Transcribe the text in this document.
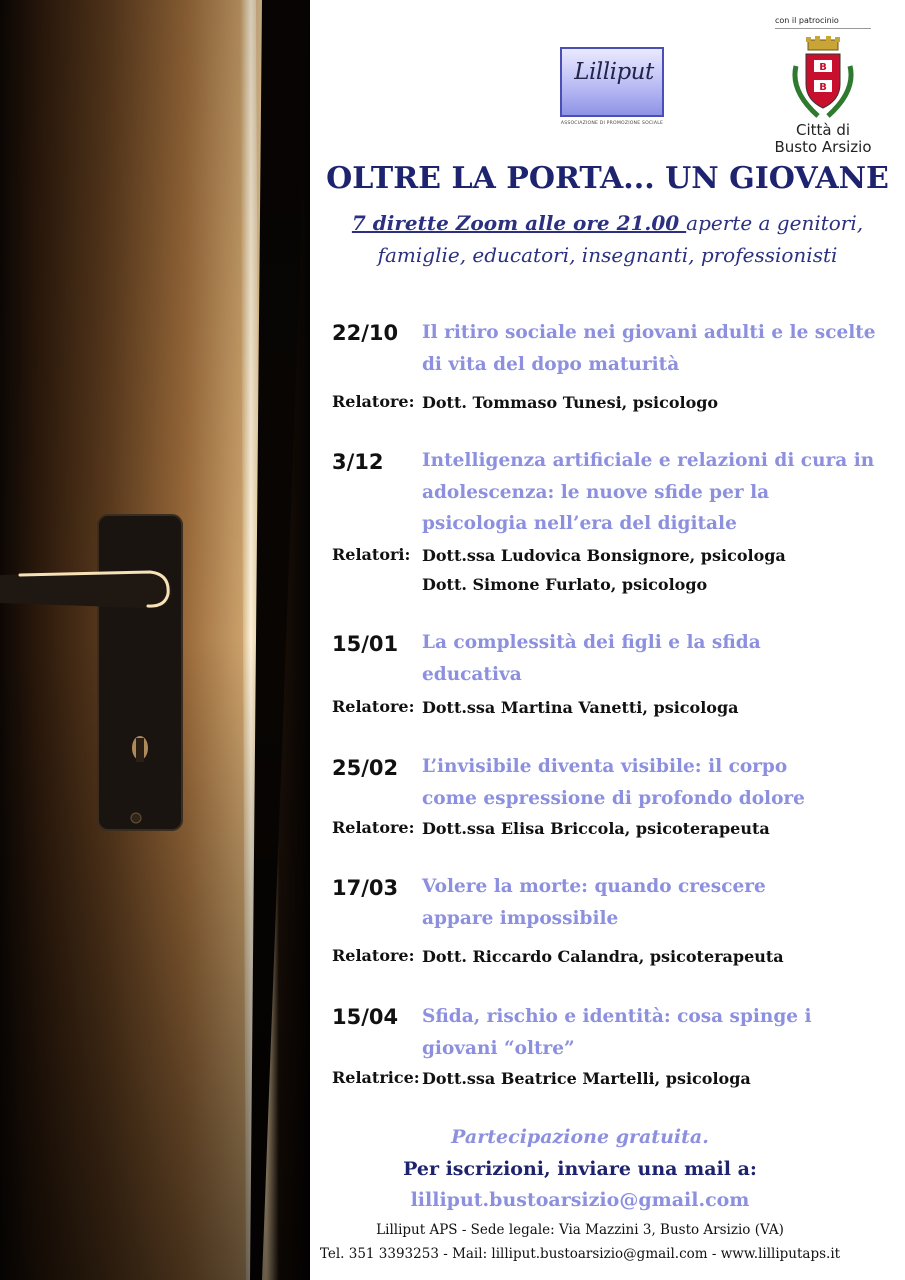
Lilliput
ASSOCIAZIONE DI PROMOZIONE SOCIALE
con il patrocinio
B
B
Città di
Busto Arsizio
OLTRE LA PORTA... UN GIOVANE
7 dirette Zoom alle ore 21.00 aperte a genitori,
famiglie, educatori, insegnanti, professionisti
22/10 Il ritiro sociale nei giovani adulti e le scelte
di vita del dopo maturità
Relatore: Dott. Tommaso Tunesi, psicologo
3/12 Intelligenza artificiale e relazioni di cura in
adolescenza: le nuove sfide per la
psicologia nell’era del digitale
Relatori: Dott.ssa Ludovica Bonsignore, psicologa
Dott. Simone Furlato, psicologo
15/01 La complessità dei figli e la sfida
educativa
Relatore: Dott.ssa Martina Vanetti, psicologa
25/02 L’invisibile diventa visibile: il corpo
come espressione di profondo dolore
Relatore: Dott.ssa Elisa Briccola, psicoterapeuta
17/03 Volere la morte: quando crescere
appare impossibile
Relatore: Dott. Riccardo Calandra, psicoterapeuta
15/04 Sfida, rischio e identità: cosa spinge i
giovani “oltre”
Relatrice: Dott.ssa Beatrice Martelli, psicologa
Partecipazione gratuita.
Per iscrizioni, inviare una mail a:
lilliput.bustoarsizio@gmail.com
Lilliput APS - Sede legale: Via Mazzini 3, Busto Arsizio (VA)
Tel. 351 3393253 - Mail: lilliput.bustoarsizio@gmail.com - www.lilliputaps.it
